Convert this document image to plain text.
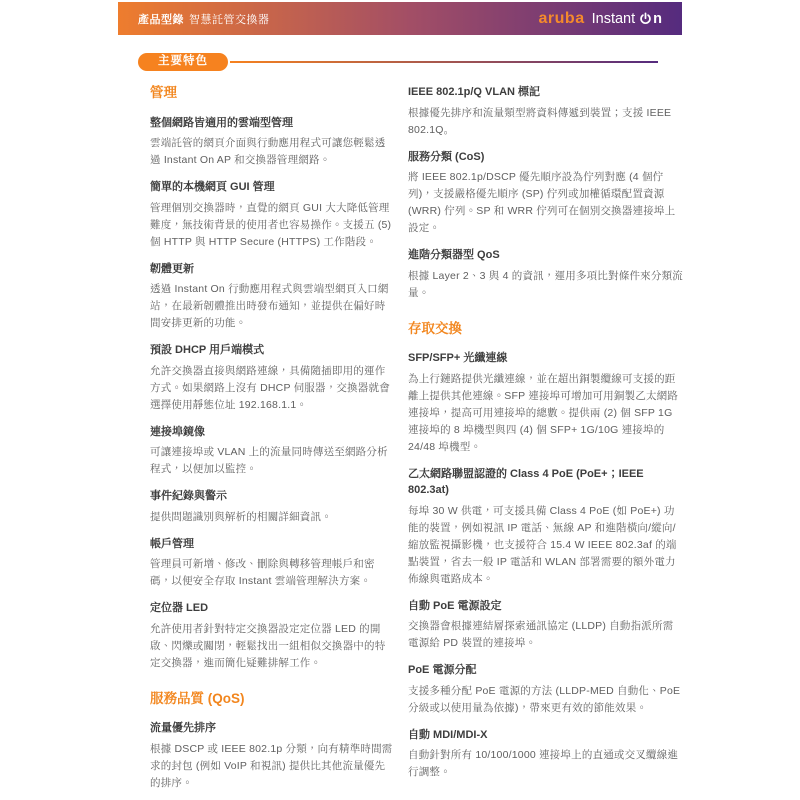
產品型錄 智慧託管交換器	aruba Instant n
主要特色
管理
整個網路皆適用的雲端型管理

雲端託管的網頁介面與行動應用程式可讓您輕鬆透過 Instant On AP 和交換器管理網路。

簡單的本機網頁 GUI 管理

管理個別交換器時，直覺的網頁 GUI 大大降低管理難度，無技術背景的使用者也容易操作。支援五 (5) 個 HTTP 與 HTTP Secure (HTTPS) 工作階段。

韌體更新

透過 Instant On 行動應用程式與雲端型網頁入口網站，在最新韌體推出時發布通知，並提供在偏好時間安排更新的功能。

預設 DHCP 用戶端模式

允許交換器直接與網路連線，具備隨插即用的運作方式。如果網路上沒有 DHCP 伺服器，交換器就會選擇使用靜態位址 192.168.1.1。

連接埠鏡像

可讓連接埠或 VLAN 上的流量同時傳送至網路分析程式，以便加以監控。

事件紀錄與警示

提供問題識別與解析的相關詳細資訊。

帳戶管理

管理員可新增、修改、刪除與轉移管理帳戶和密碼，以便安全存取 Instant 雲端管理解決方案。

定位器 LED

允許使用者針對特定交換器設定定位器 LED 的開啟、閃爍或關閉，輕鬆找出一組相似交換器中的特定交換器，進而簡化疑難排解工作。

服務品質 (QoS)
流量優先排序

根據 DSCP 或 IEEE 802.1p 分類，向有精準時間需求的封包 (例如 VoIP 和視訊) 提供比其他流量優先的排序。

IEEE 802.1p/Q VLAN 標記

根據優先排序和流量類型將資料傳遞到裝置；支援 IEEE 802.1Q。

服務分類 (CoS)

將 IEEE 802.1p/DSCP 優先順序設為佇列對應 (4 個佇列)，支援嚴格優先順序 (SP) 佇列或加權循環配置資源 (WRR) 佇列。SP 和 WRR 佇列可在個別交換器連接埠上設定。

進階分類器型 QoS

根據 Layer 2、3 與 4 的資訊，運用多項比對條件來分類流量。

存取交換
SFP/SFP+ 光纖連線

為上行鏈路提供光纖連線，並在超出銅製纜線可支援的距離上提供其他連線。SFP 連接埠可增加可用銅製乙太網路連接埠，提高可用連接埠的總數。提供兩 (2) 個 SFP 1G 連接埠的 8 埠機型與四 (4) 個 SFP+ 1G/10G 連接埠的 24/48 埠機型。

乙太網路聯盟認證的 Class 4 PoE (PoE+；IEEE 802.3at)

每埠 30 W 供電，可支援具備 Class 4 PoE (如 PoE+) 功能的裝置，例如視訊 IP 電話、無線 AP 和進階橫向/縱向/縮放監視攝影機，也支援符合 15.4 W IEEE 802.3af 的端點裝置，省去一般 IP 電話和 WLAN 部署需要的額外電力佈線與電路成本。

自動 PoE 電源設定

交換器會根據連結層探索通訊協定 (LLDP) 自動指派所需電源給 PD 裝置的連接埠。

PoE 電源分配

支援多種分配 PoE 電源的方法 (LLDP-MED 自動化、PoE 分級或以使用量為依據)，帶來更有效的節能效果。

自動 MDI/MDI-X

自動針對所有 10/100/1000 連接埠上的直通或交叉纜線進行調整。
